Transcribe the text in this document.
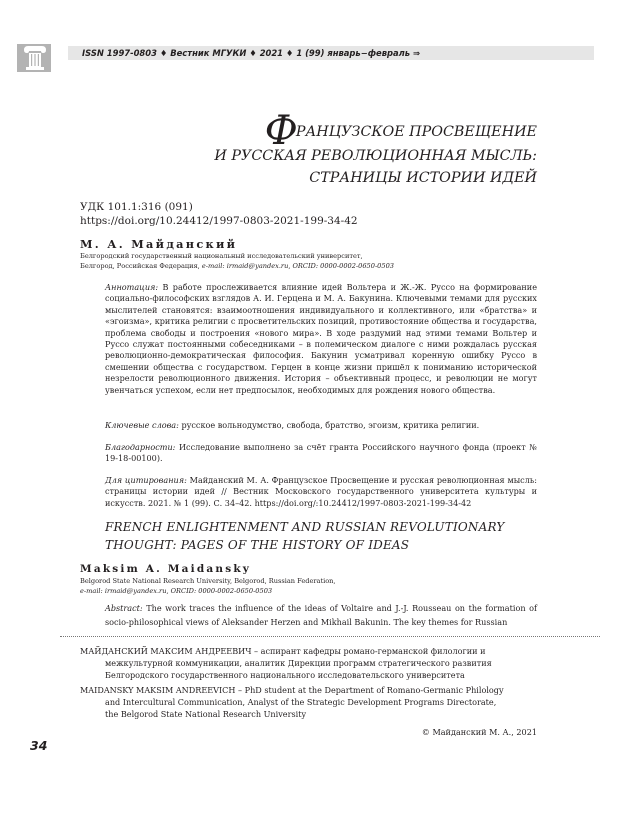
ISSN 1997-0803 ♦ Вестник МГУКИ ♦ 2021 ♦ 1 (99) январь−февраль ⇒
ФРАНЦУЗСКОЕ ПРОСВЕЩЕНИЕ
И РУССКАЯ РЕВОЛЮЦИОННАЯ МЫСЛЬ:
СТРАНИЦЫ ИСТОРИИ ИДЕЙ
УДК 101.1:316 (091)
https://doi.org/10.24412/1997-0803-2021-199-34-42
М. А. Майданский
Белгородский государственный национальный исследовательский университет,
Белгород, Российская Федерация, e-mail: irmaid@yandex.ru, ORCID: 0000-0002-0650-0503
Аннотация: В работе прослеживается влияние идей Вольтера и Ж.-Ж. Руссо на формирование социально-философских взглядов А. И. Герцена и М. А. Бакунина. Ключевыми темами для русских мыслителей становятся: взаимоотношения индивидуального и коллективного, или «братства» и «эгоизма», критика религии с просветительских позиций, противостояние общества и государства, проблема свободы и построения «нового мира». В ходе раздумий над этими темами Вольтер и Руссо служат постоянными собеседниками – в полемическом диалоге с ними рождалась русская революционно-демократическая философия. Бакунин усматривал коренную ошибку Руссо в смешении общества с государством. Герцен в конце жизни пришёл к пониманию исторической незрелости революционного движения. История – объективный процесс, и революции не могут увенчаться успехом, если нет предпосылок, необходимых для рождения нового общества.
Ключевые слова: русское вольнодумство, свобода, братство, эгоизм, критика религии.
Благодарности: Исследование выполнено за счёт гранта Российского научного фонда (проект № 19-18-00100).
Для цитирования: Майданский М. А. Французское Просвещение и русская революционная мысль: страницы истории идей // Вестник Московского государственного университета культуры и искусств. 2021. № 1 (99). С. 34–42. https://doi.org/:10.24412/1997-0803-2021-199-34-42
FRENCH ENLIGHTENMENT AND RUSSIAN REVOLUTIONARY
THOUGHT: PAGES OF THE HISTORY OF IDEAS
Maksim A. Maidansky
Belgorod State National Research University, Belgorod, Russian Federation,
e-mail: irmaid@yandex.ru, ORCID: 0000-0002-0650-0503
Abstract: The work traces the influence of the ideas of Voltaire and J.-J. Rousseau on the formation of socio-philosophical views of Aleksander Herzen and Mikhail Bakunin. The key themes for Russian
МАЙДАНСКИЙ МАКСИМ АНДРЕЕВИЧ – аспирант кафедры романо-германской филологии и
межкультурной коммуникации, аналитик Дирекции программ стратегического развития
Белгородского государственного национального исследовательского университета
MAIDANSKY MAKSIM ANDREEVICH – PhD student at the Department of Romano-Germanic Philology
and Intercultural Communication, Analyst of the Strategic Development Programs Directorate,
the Belgorod State National Research University
© Майданский М. А., 2021
34
